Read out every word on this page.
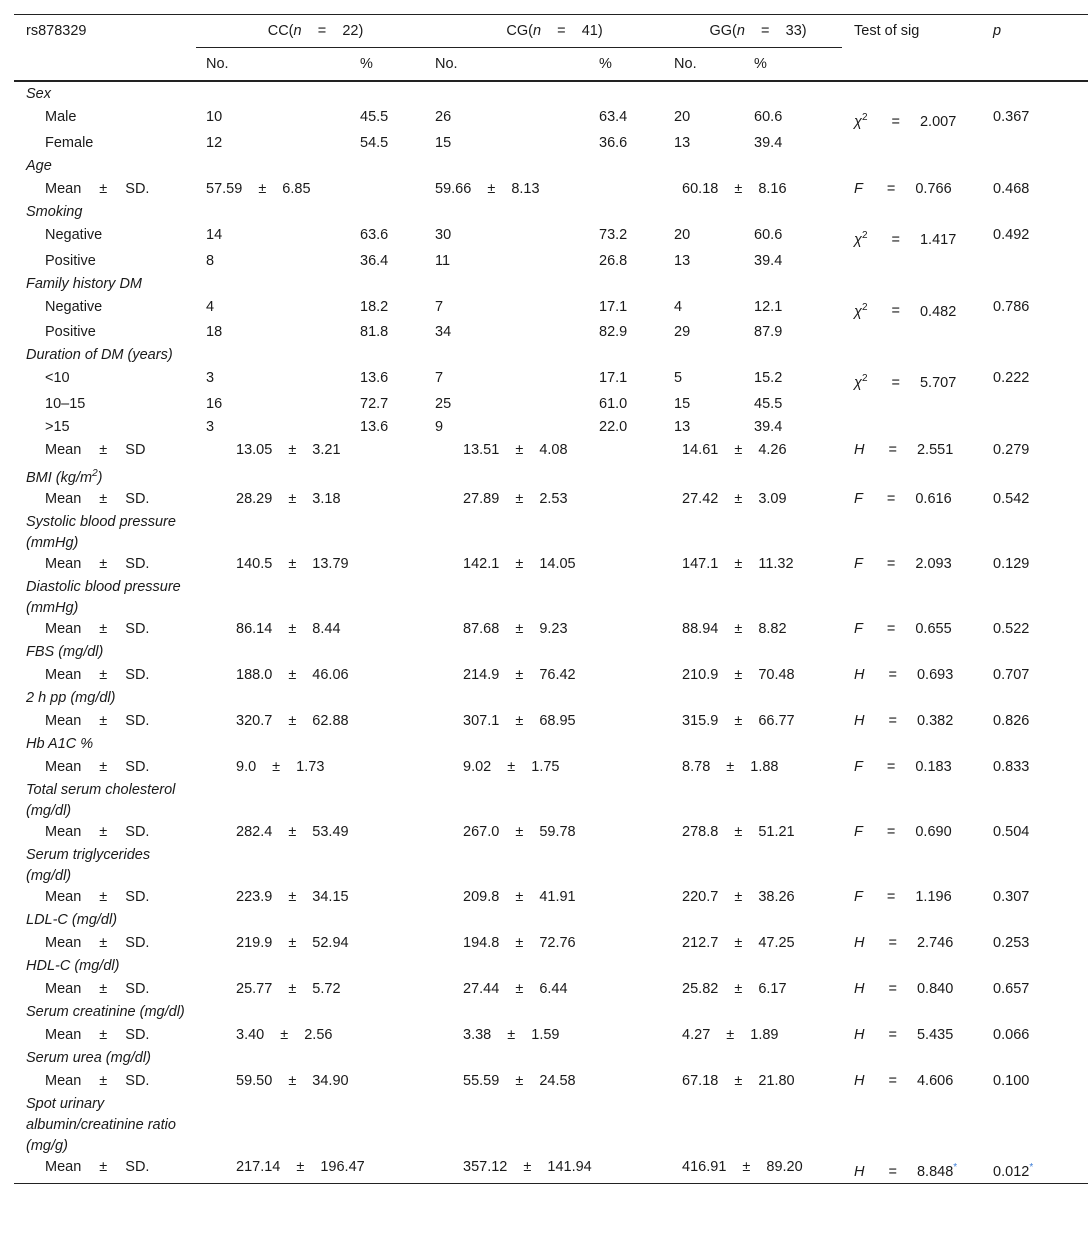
rs878329	CC(n = 22)		CG(n = 41)		GG(n = 33)		Test of sig	p
	No.	%	No.	%	No.	%		
Sex								
Male	10	45.5	26	63.4	20	60.6	$\chi^2 = 2.007$	0.367
Female	12	54.5	15	36.6	13	39.4		
Age								
Mean ± SD.	57.59 ± 6.85		59.66 ± 8.13		60.18 ± 8.16		F = 0.766	0.468
Smoking								
Negative	14	63.6	30	73.2	20	60.6	$\chi^2 = 1.417$	0.492
Positive	8	36.4	11	26.8	13	39.4		
Family history DM								
Negative	4	18.2	7	17.1	4	12.1	$\chi^2 = 0.482$	0.786
Positive	18	81.8	34	82.9	29	87.9		
Duration of DM (years)								
<10	3	13.6	7	17.1	5	15.2	$\chi^2 = 5.707$	0.222
10–15	16	72.7	25	61.0	15	45.5		
>15	3	13.6	9	22.0	13	39.4		
Mean ± SD	13.05 ± 3.21		13.51 ± 4.08		14.61 ± 4.26		H = 2.551	0.279
BMI $(kg/m^2)$								
Mean ± SD.	28.29 ± 3.18		27.89 ± 2.53		27.42 ± 3.09		F = 0.616	0.542
Systolic blood pressure (mmHg)								
Mean ± SD.	140.5 ± 13.79		142.1 ± 14.05		147.1 ± 11.32		F = 2.093	0.129
Diastolic blood pressure (mmHg)								
Mean ± SD.	86.14 ± 8.44		87.68 ± 9.23		88.94 ± 8.82		F = 0.655	0.522
FBS (mg/dl)								
Mean ± SD.	188.0 ± 46.06		214.9 ± 76.42		210.9 ± 70.48		H = 0.693	0.707
2 h pp (mg/dl)								
Mean ± SD.	320.7 ± 62.88		307.1 ± 68.95		315.9 ± 66.77		H = 0.382	0.826
Hb A1C %								
Mean ± SD.	9.0 ± 1.73		9.02 ± 1.75		8.78 ± 1.88		F = 0.183	0.833
Total serum cholesterol (mg/dl)								
Mean ± SD.	282.4 ± 53.49		267.0 ± 59.78		278.8 ± 51.21		F = 0.690	0.504
Serum triglycerides (mg/dl)								
Mean ± SD.	223.9 ± 34.15		209.8 ± 41.91		220.7 ± 38.26		F = 1.196	0.307
LDL-C (mg/dl)								
Mean ± SD.	219.9 ± 52.94		194.8 ± 72.76		212.7 ± 47.25		H = 2.746	0.253
HDL-C (mg/dl)								
Mean ± SD.	25.77 ± 5.72		27.44 ± 6.44		25.82 ± 6.17		H = 0.840	0.657
Serum creatinine (mg/dl)								
Mean ± SD.	3.40 ± 2.56		3.38 ± 1.59		4.27 ± 1.89		H = 5.435	0.066
Serum urea (mg/dl)								
Mean ± SD.	59.50 ± 34.90		55.59 ± 24.58		67.18 ± 21.80		H = 4.606	0.100
Spot urinary albumin/creatinine ratio (mg/g)								
Mean ± SD.	217.14 ± 196.47		357.12 ± 141.94		416.91 ± 89.20		H = 8.848*	0.012*
